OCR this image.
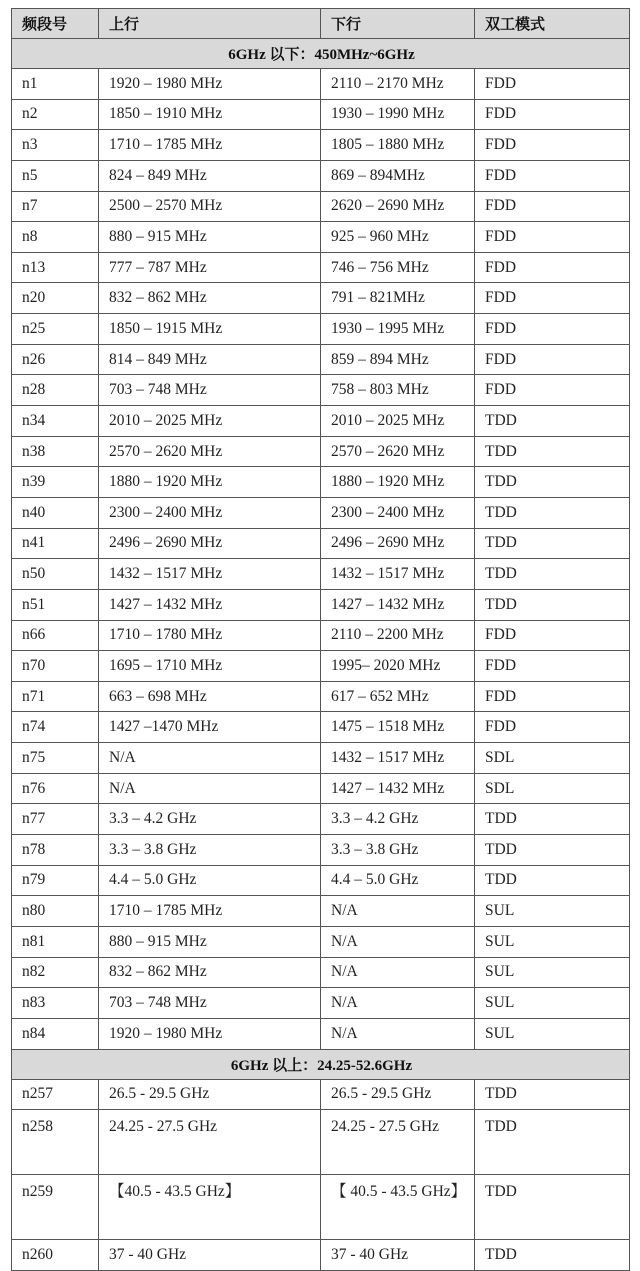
频段号	上行	下行	双工模式
6GHz 以下：450MHz~6GHz			
n1	1920 – 1980 MHz	2110 – 2170 MHz	FDD
n2	1850 – 1910 MHz	1930 – 1990 MHz	FDD
n3	1710 – 1785 MHz	1805 – 1880 MHz	FDD
n5	824 – 849 MHz	869 – 894MHz	FDD
n7	2500 – 2570 MHz	2620 – 2690 MHz	FDD
n8	880 – 915 MHz	925 – 960 MHz	FDD
n13	777 – 787 MHz	746 – 756 MHz	FDD
n20	832 – 862 MHz	791 – 821MHz	FDD
n25	1850 – 1915 MHz	1930 – 1995 MHz	FDD
n26	814 – 849 MHz	859 – 894 MHz	FDD
n28	703 – 748 MHz	758 – 803 MHz	FDD
n34	2010 – 2025 MHz	2010 – 2025 MHz	TDD
n38	2570 – 2620 MHz	2570 – 2620 MHz	TDD
n39	1880 – 1920 MHz	1880 – 1920 MHz	TDD
n40	2300 – 2400 MHz	2300 – 2400 MHz	TDD
n41	2496 – 2690 MHz	2496 – 2690 MHz	TDD
n50	1432 – 1517 MHz	1432 – 1517 MHz	TDD
n51	1427 – 1432 MHz	1427 – 1432 MHz	TDD
n66	1710 – 1780 MHz	2110 – 2200 MHz	FDD
n70	1695 – 1710 MHz	1995– 2020 MHz	FDD
n71	663 – 698 MHz	617 – 652 MHz	FDD
n74	1427 –1470 MHz	1475 – 1518 MHz	FDD
n75	N/A	1432 – 1517 MHz	SDL
n76	N/A	1427 – 1432 MHz	SDL
n77	3.3 – 4.2 GHz	3.3 – 4.2 GHz	TDD
n78	3.3 – 3.8 GHz	3.3 – 3.8 GHz	TDD
n79	4.4 – 5.0 GHz	4.4 – 5.0 GHz	TDD
n80	1710 – 1785 MHz	N/A	SUL
n81	880 – 915 MHz	N/A	SUL
n82	832 – 862 MHz	N/A	SUL
n83	703 – 748 MHz	N/A	SUL
n84	1920 – 1980 MHz	N/A	SUL
6GHz 以上：24.25-52.6GHz			
n257	26.5 - 29.5 GHz	26.5 - 29.5 GHz	TDD
n258	24.25 - 27.5 GHz	24.25 - 27.5 GHz	TDD
n259	【40.5 - 43.5 GHz】	【 40.5 - 43.5 GHz】	TDD
n260	37 - 40 GHz	37 - 40 GHz	TDD
